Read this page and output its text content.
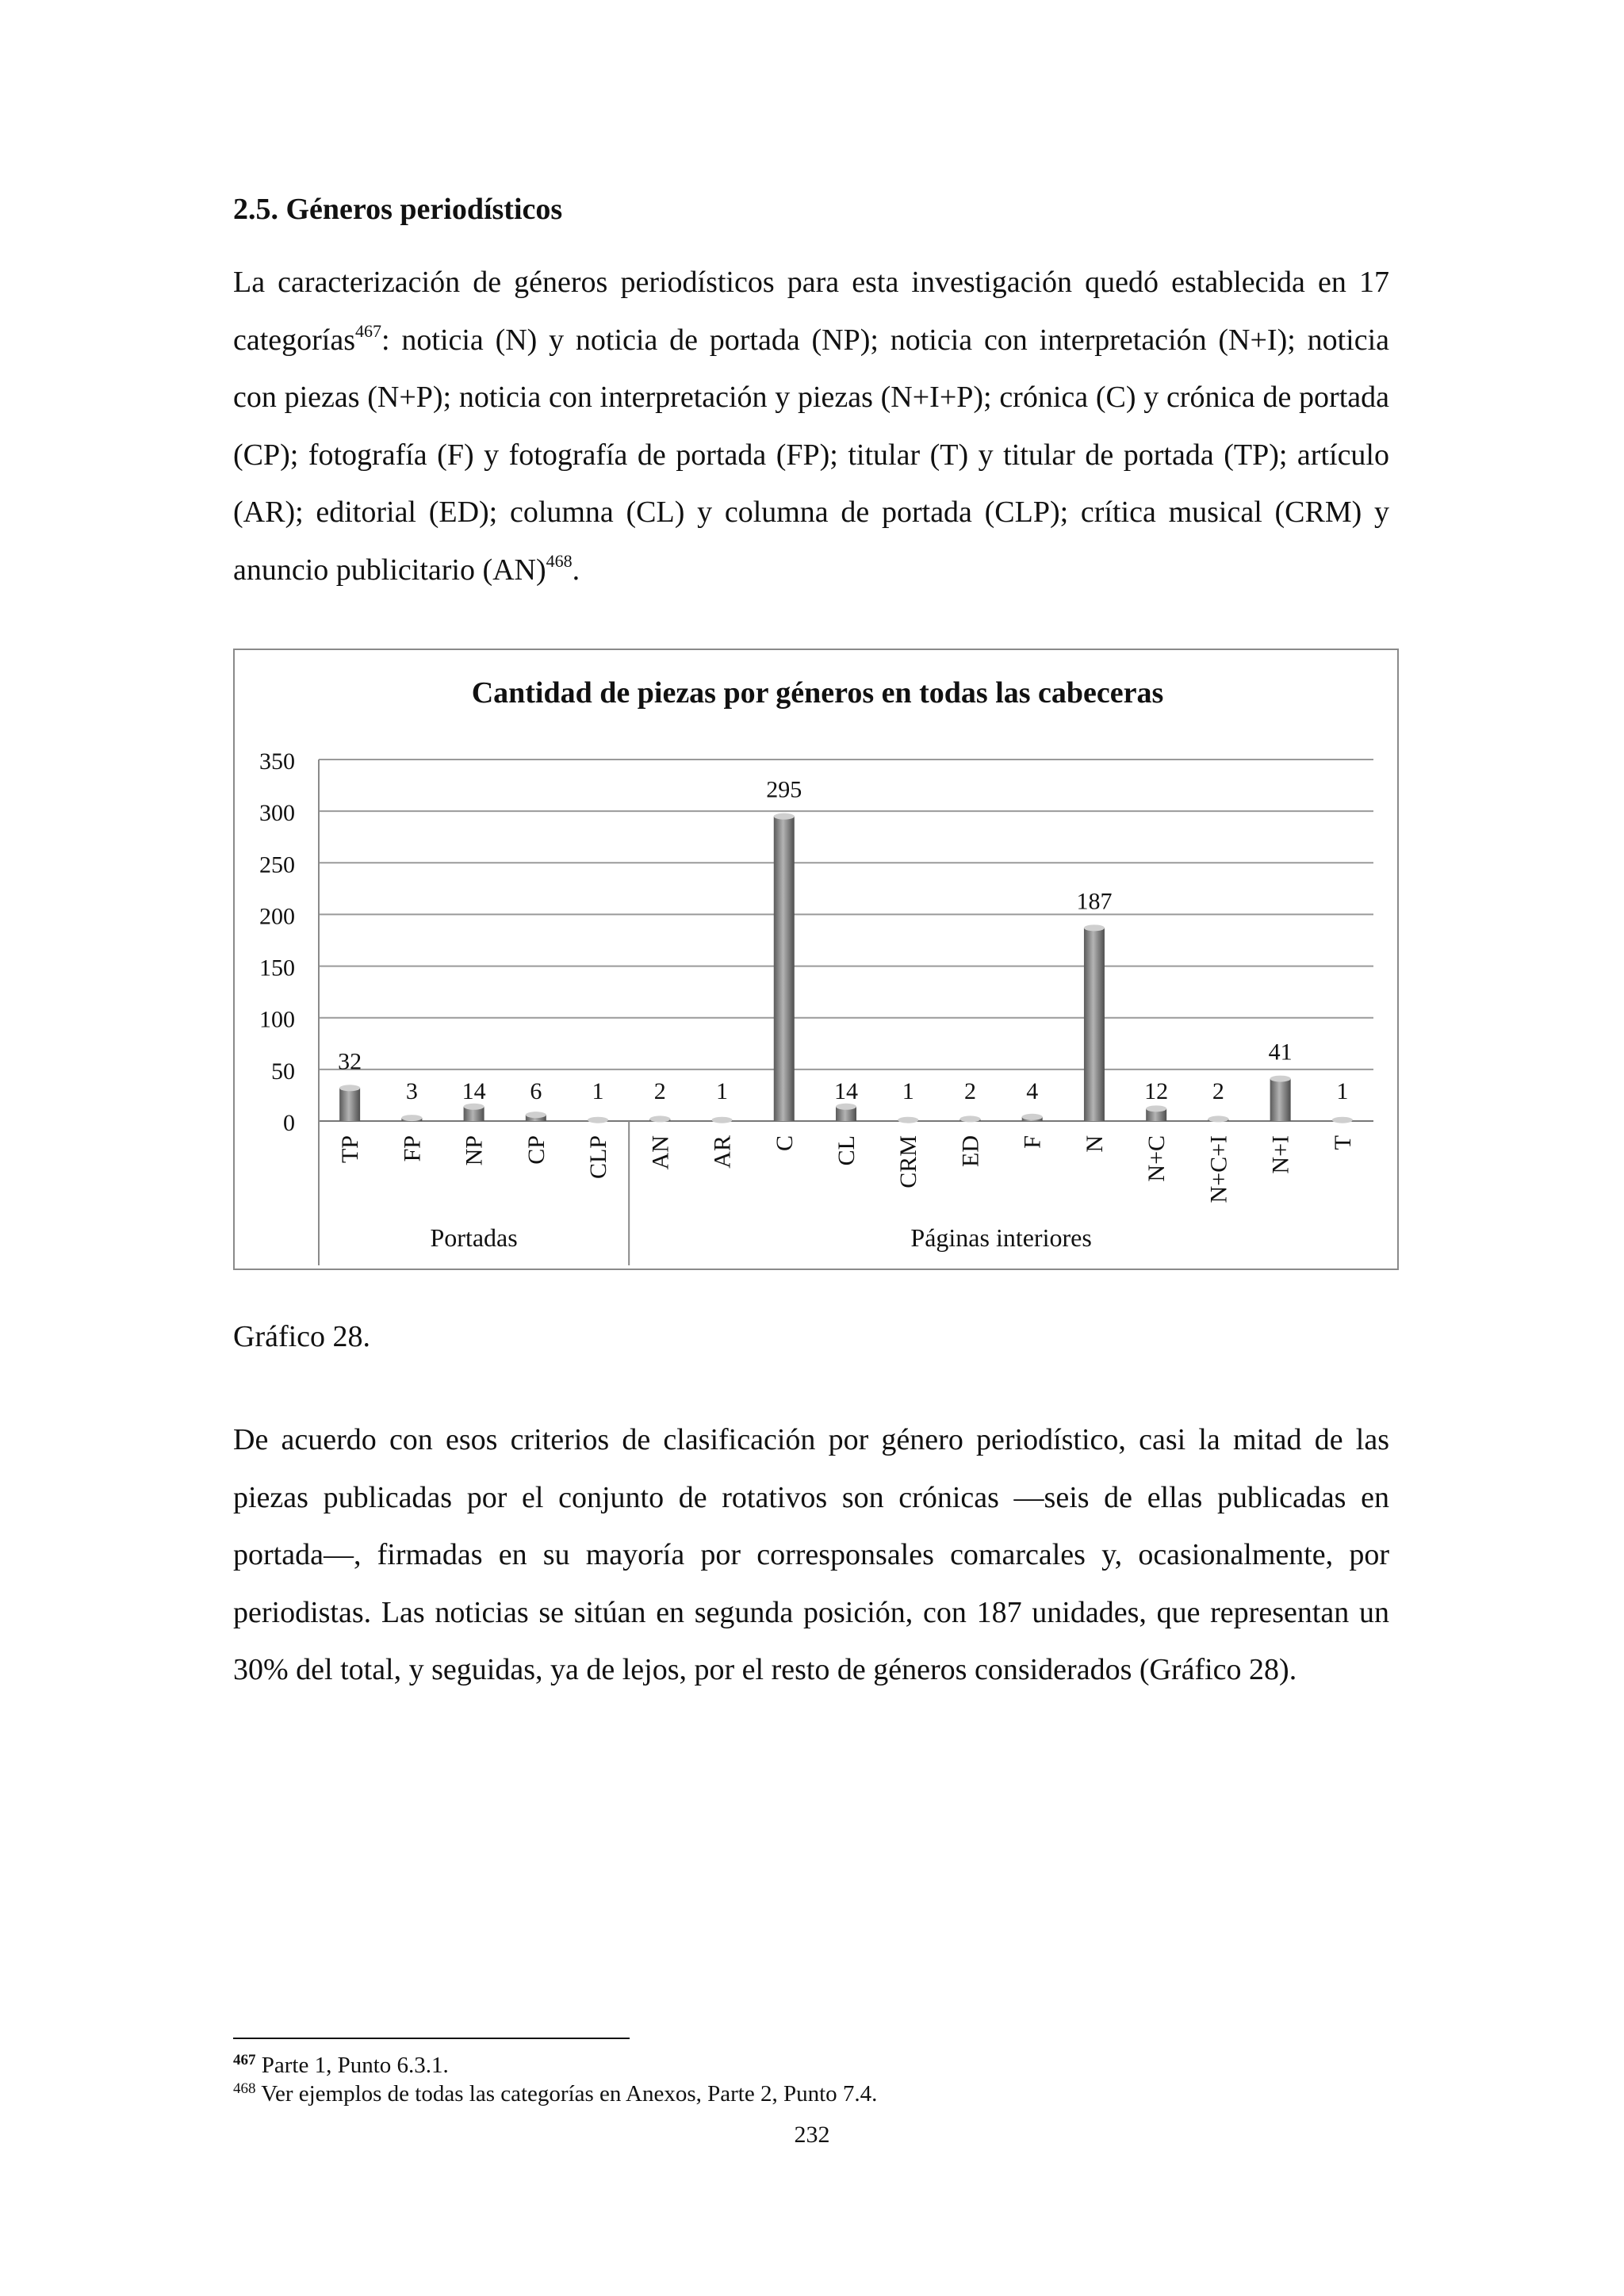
2.5. Géneros periodísticos

La caracterización de géneros periodísticos para esta investigación quedó establecida en 17 categorías$^{467}$: noticia (N) y noticia de portada (NP); noticia con interpretación (N+I); noticia con piezas (N+P); noticia con interpretación y piezas (N+I+P); crónica (C) y crónica de portada (CP); fotografía (F) y fotografía de portada (FP); titular (T) y titular de portada (TP); artículo (AR); editorial (ED); columna (CL) y columna de portada (CLP); crítica musical (CRM) y anuncio publicitario (AN)$^{468}$.

Cantidad de piezas por géneros en todas las cabeceras
350
300
250
200
150
100
50
0
32
TP
3
FP
14
NP
6
CP
1
CLP
2
AN
1
AR
295
C
14
CL
1
CRM
2
ED
4
F
187
N
12
N+C
2
N+C+I
41
N+I
1
T
Portadas	Páginas interiores

Gráfico 28.

De acuerdo con esos criterios de clasificación por género periodístico, casi la mitad de las piezas publicadas por el conjunto de rotativos son crónicas —seis de ellas publicadas en portada—, firmadas en su mayoría por corresponsales comarcales y, ocasionalmente, por periodistas. Las noticias se sitúan en segunda posición, con 187 unidades, que representan un 30% del total, y seguidas, ya de lejos, por el resto de géneros considerados (Gráfico 28).

$^{467}$ Parte 1, Punto 6.3.1.

$^{468}$ Ver ejemplos de todas las categorías en Anexos, Parte 2, Punto 7.4.

232
